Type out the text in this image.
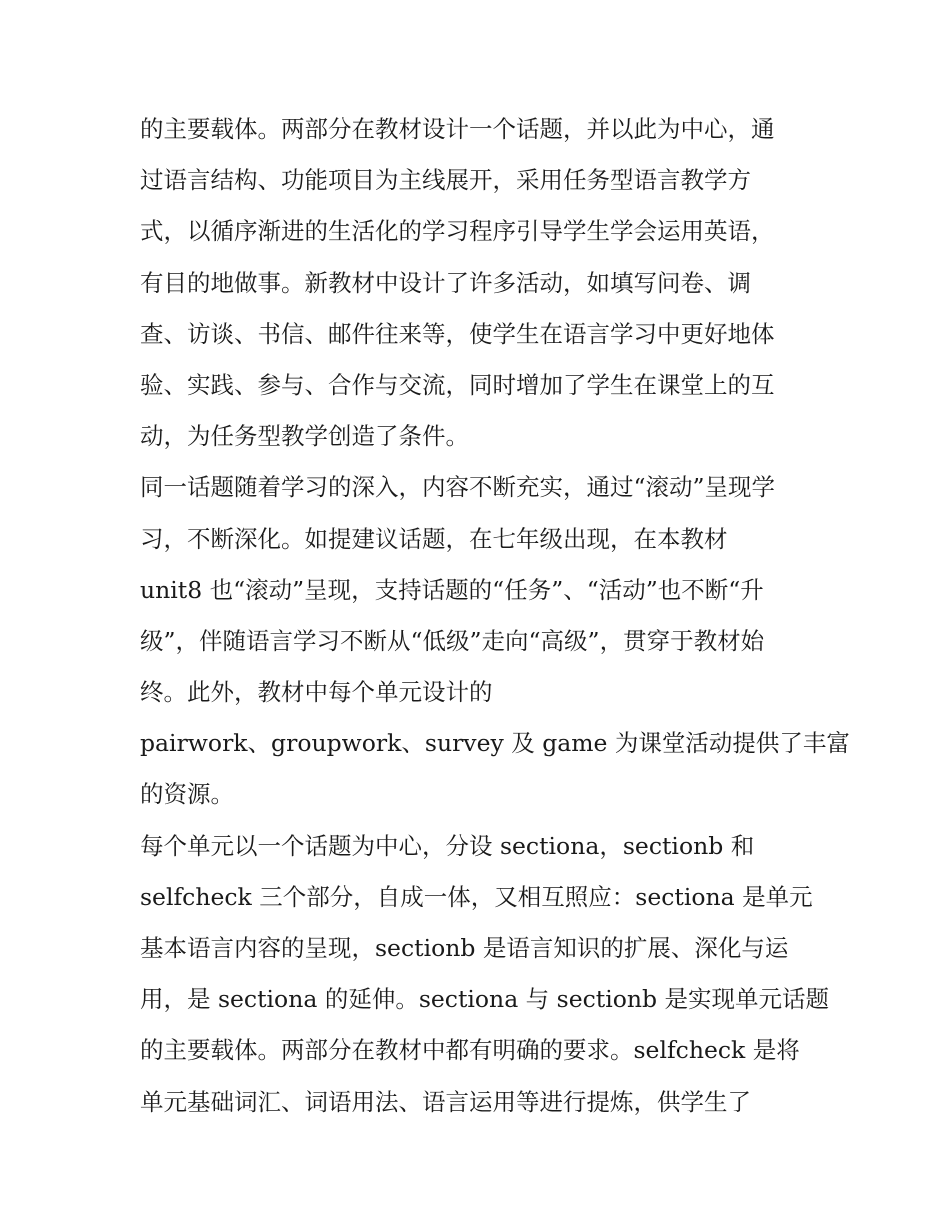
的主要载体。两部分在教材设计一个话题，并以此为中心，通
过语言结构、功能项目为主线展开，采用任务型语言教学方
式，以循序渐进的生活化的学习程序引导学生学会运用英语，
有目的地做事。新教材中设计了许多活动，如填写问卷、调
查、访谈、书信、邮件往来等，使学生在语言学习中更好地体
验、实践、参与、合作与交流，同时增加了学生在课堂上的互
动，为任务型教学创造了条件。
同一话题随着学习的深入，内容不断充实，通过“滚动”呈现学
习，不断深化。如提建议话题，在七年级出现，在本教材
unit8 也“滚动”呈现，支持话题的“任务”、“活动”也不断“升
级”，伴随语言学习不断从“低级”走向“高级”，贯穿于教材始
终。此外，教材中每个单元设计的
pairwork、groupwork、survey 及 game 为课堂活动提供了丰富
的资源。
每个单元以一个话题为中心，分设 sectiona，sectionb 和
selfcheck 三个部分，自成一体，又相互照应：sectiona 是单元
基本语言内容的呈现，sectionb 是语言知识的扩展、深化与运
用，是 sectiona 的延伸。sectiona 与 sectionb 是实现单元话题
的主要载体。两部分在教材中都有明确的要求。selfcheck 是将
单元基础词汇、词语用法、语言运用等进行提炼，供学生了
